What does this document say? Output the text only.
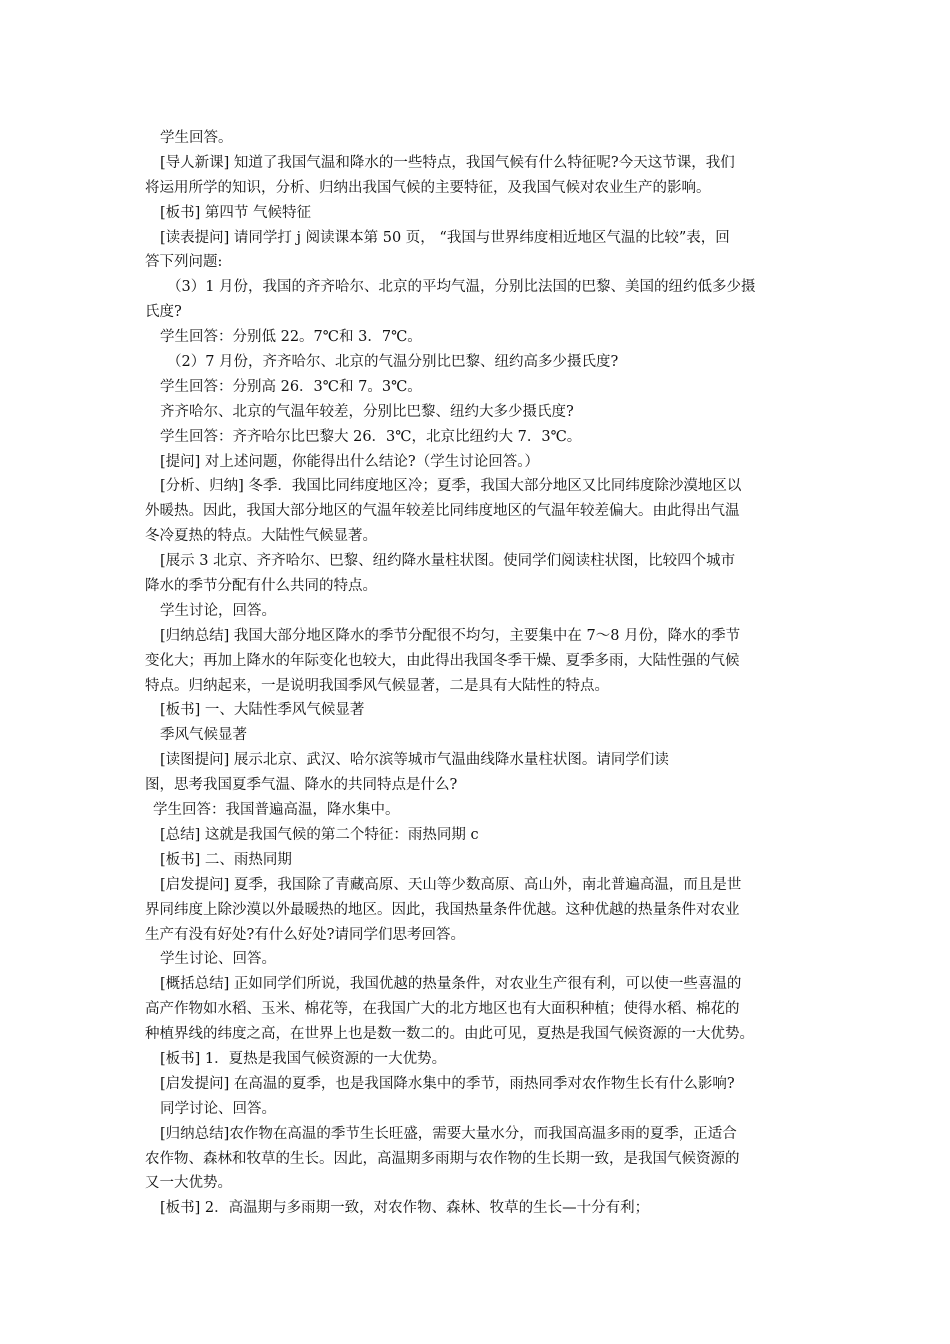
学生回答。
[导人新课] 知道了我国气温和降水的一些特点，我国气候有什么特征呢?今天这节课，我们
将运用所学的知识，分析、归纳出我国气候的主要特征，及我国气候对农业生产的影响。
[板书] 第四节 气候特征
[读表提问] 请同学打 j 阅读课本第 50 页， “我国与世界纬度相近地区气温的比较”表，回
答下列问题:
（3）1 月份，我国的齐齐哈尔、北京的平均气温，分别比法国的巴黎、美国的纽约低多少摄
氏度?
学生回答：分别低 22。7℃和 3．7℃。
（2）7 月份，齐齐哈尔、北京的气温分别比巴黎、纽约高多少摄氏度?
学生回答：分别高 26．3℃和 7。3℃。
齐齐哈尔、北京的气温年较差，分别比巴黎、纽约大多少摄氏度?
学生回答：齐齐哈尔比巴黎大 26．3℃，北京比纽约大 7．3℃。
[提问] 对上述问题，你能得出什么结论?（学生讨论回答。）
[分析、归纳] 冬季．我国比同纬度地区冷；夏季，我国大部分地区又比同纬度除沙漠地区以
外暖热。因此，我国大部分地区的气温年较差比同纬度地区的气温年较差偏大。由此得出气温
冬冷夏热的特点。大陆性气候显著。
[展示 3 北京、齐齐哈尔、巴黎、纽约降水量柱状图。使同学们阅读柱状图，比较四个城市
降水的季节分配有什么共同的特点。
学生讨论，回答。
[归纳总结] 我国大部分地区降水的季节分配很不均匀，主要集中在 7～8 月份，降水的季节
变化大；再加上降水的年际变化也较大，由此得出我国冬季干燥、夏季多雨，大陆性强的气候
特点。归纳起来，一是说明我国季风气候显著，二是具有大陆性的特点。
[板书] 一、大陆性季风气候显著
季风气候显著
[读图提问] 展示北京、武汉、哈尔滨等城市气温曲线降水量柱状图。请同学们读
图，思考我国夏季气温、降水的共同特点是什么?
学生回答：我国普遍高温，降水集中。
[总结] 这就是我国气候的第二个特征：雨热同期 c
[板书] 二、雨热同期
[启发提问] 夏季，我国除了青藏高原、天山等少数高原、高山外，南北普遍高温，而且是世
界同纬度上除沙漠以外最暖热的地区。因此，我国热量条件优越。这种优越的热量条件对农业
生产有没有好处?有什么好处?请同学们思考回答。
学生讨论、回答。
[概括总结] 正如同学们所说，我国优越的热量条件，对农业生产很有利，可以使一些喜温的
高产作物如水稻、玉米、棉花等，在我国广大的北方地区也有大面积种植；使得水稻、棉花的
种植界线的纬度之高，在世界上也是数一数二的。由此可见，夏热是我国气候资源的一大优势。
[板书] 1．夏热是我国气候资源的一大优势。
[启发提问] 在高温的夏季，也是我国降水集中的季节，雨热同季对农作物生长有什么影响?
同学讨论、回答。
[归纳总结]农作物在高温的季节生长旺盛，需要大量水分，而我国高温多雨的夏季，正适合
农作物、森林和牧草的生长。因此，高温期多雨期与农作物的生长期一致，是我国气候资源的
又一大优势。
[板书] 2．高温期与多雨期一致，对农作物、森林、牧草的生长—十分有利；
